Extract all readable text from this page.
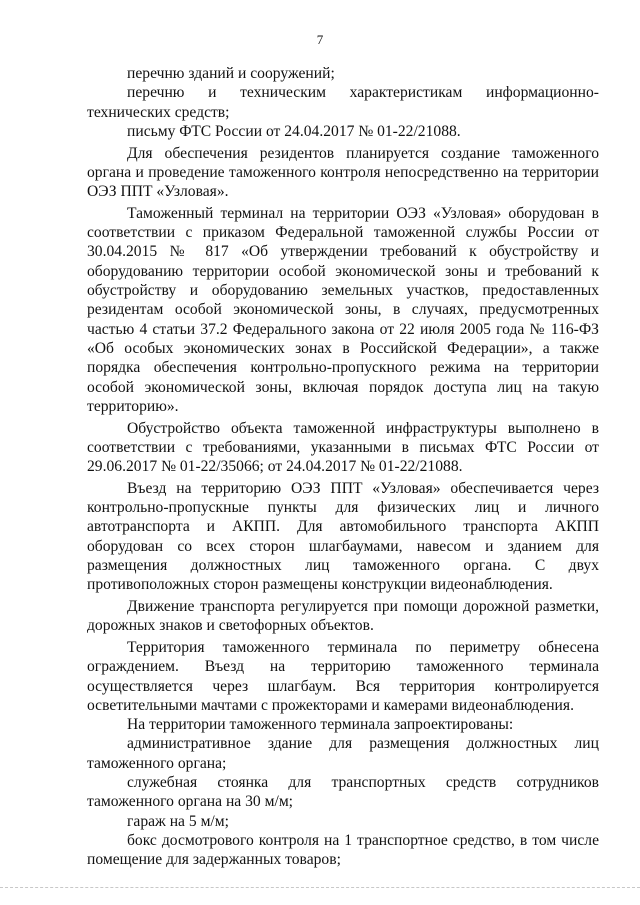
7

перечню зданий и сооружений;

перечню и техническим характеристикам информационно-технических средств;

письму ФТС России от 24.04.2017 № 01-22/21088.

Для обеспечения резидентов планируется создание таможенного органа и проведение таможенного контроля непосредственно на территории ОЭЗ ППТ «Узловая».

Таможенный терминал на территории ОЭЗ «Узловая» оборудован в соответствии с приказом Федеральной таможенной службы России от 30.04.2015 № 817 «Об утверждении требований к обустройству и оборудованию территории особой экономической зоны и требований к обустройству и оборудованию земельных участков, предоставленных резидентам особой экономической зоны, в случаях, предусмотренных частью 4 статьи 37.2 Федерального закона от 22 июля 2005 года № 116-ФЗ «Об особых экономических зонах в Российской Федерации», а также порядка обеспечения контрольно-пропускного режима на территории особой экономической зоны, включая порядок доступа лиц на такую территорию».

Обустройство объекта таможенной инфраструктуры выполнено в соответствии с требованиями, указанными в письмах ФТС России от 29.06.2017 № 01-22/35066; от 24.04.2017 № 01-22/21088.

Въезд на территорию ОЭЗ ППТ «Узловая» обеспечивается через контрольно-пропускные пункты для физических лиц и личного автотранспорта и АКПП. Для автомобильного транспорта АКПП оборудован со всех сторон шлагбаумами, навесом и зданием для размещения должностных лиц таможенного органа. С двух противоположных сторон размещены конструкции видеонаблюдения.

Движение транспорта регулируется при помощи дорожной разметки, дорожных знаков и светофорных объектов.

Территория таможенного терминала по периметру обнесена ограждением. Въезд на территорию таможенного терминала осуществляется через шлагбаум. Вся территория контролируется осветительными мачтами с прожекторами и камерами видеонаблюдения.

На территории таможенного терминала запроектированы:

административное здание для размещения должностных лиц таможенного органа;

служебная стоянка для транспортных средств сотрудников таможенного органа на 30 м/м;

гараж на 5 м/м;

бокс досмотрового контроля на 1 транспортное средство, в том числе помещение для задержанных товаров;
